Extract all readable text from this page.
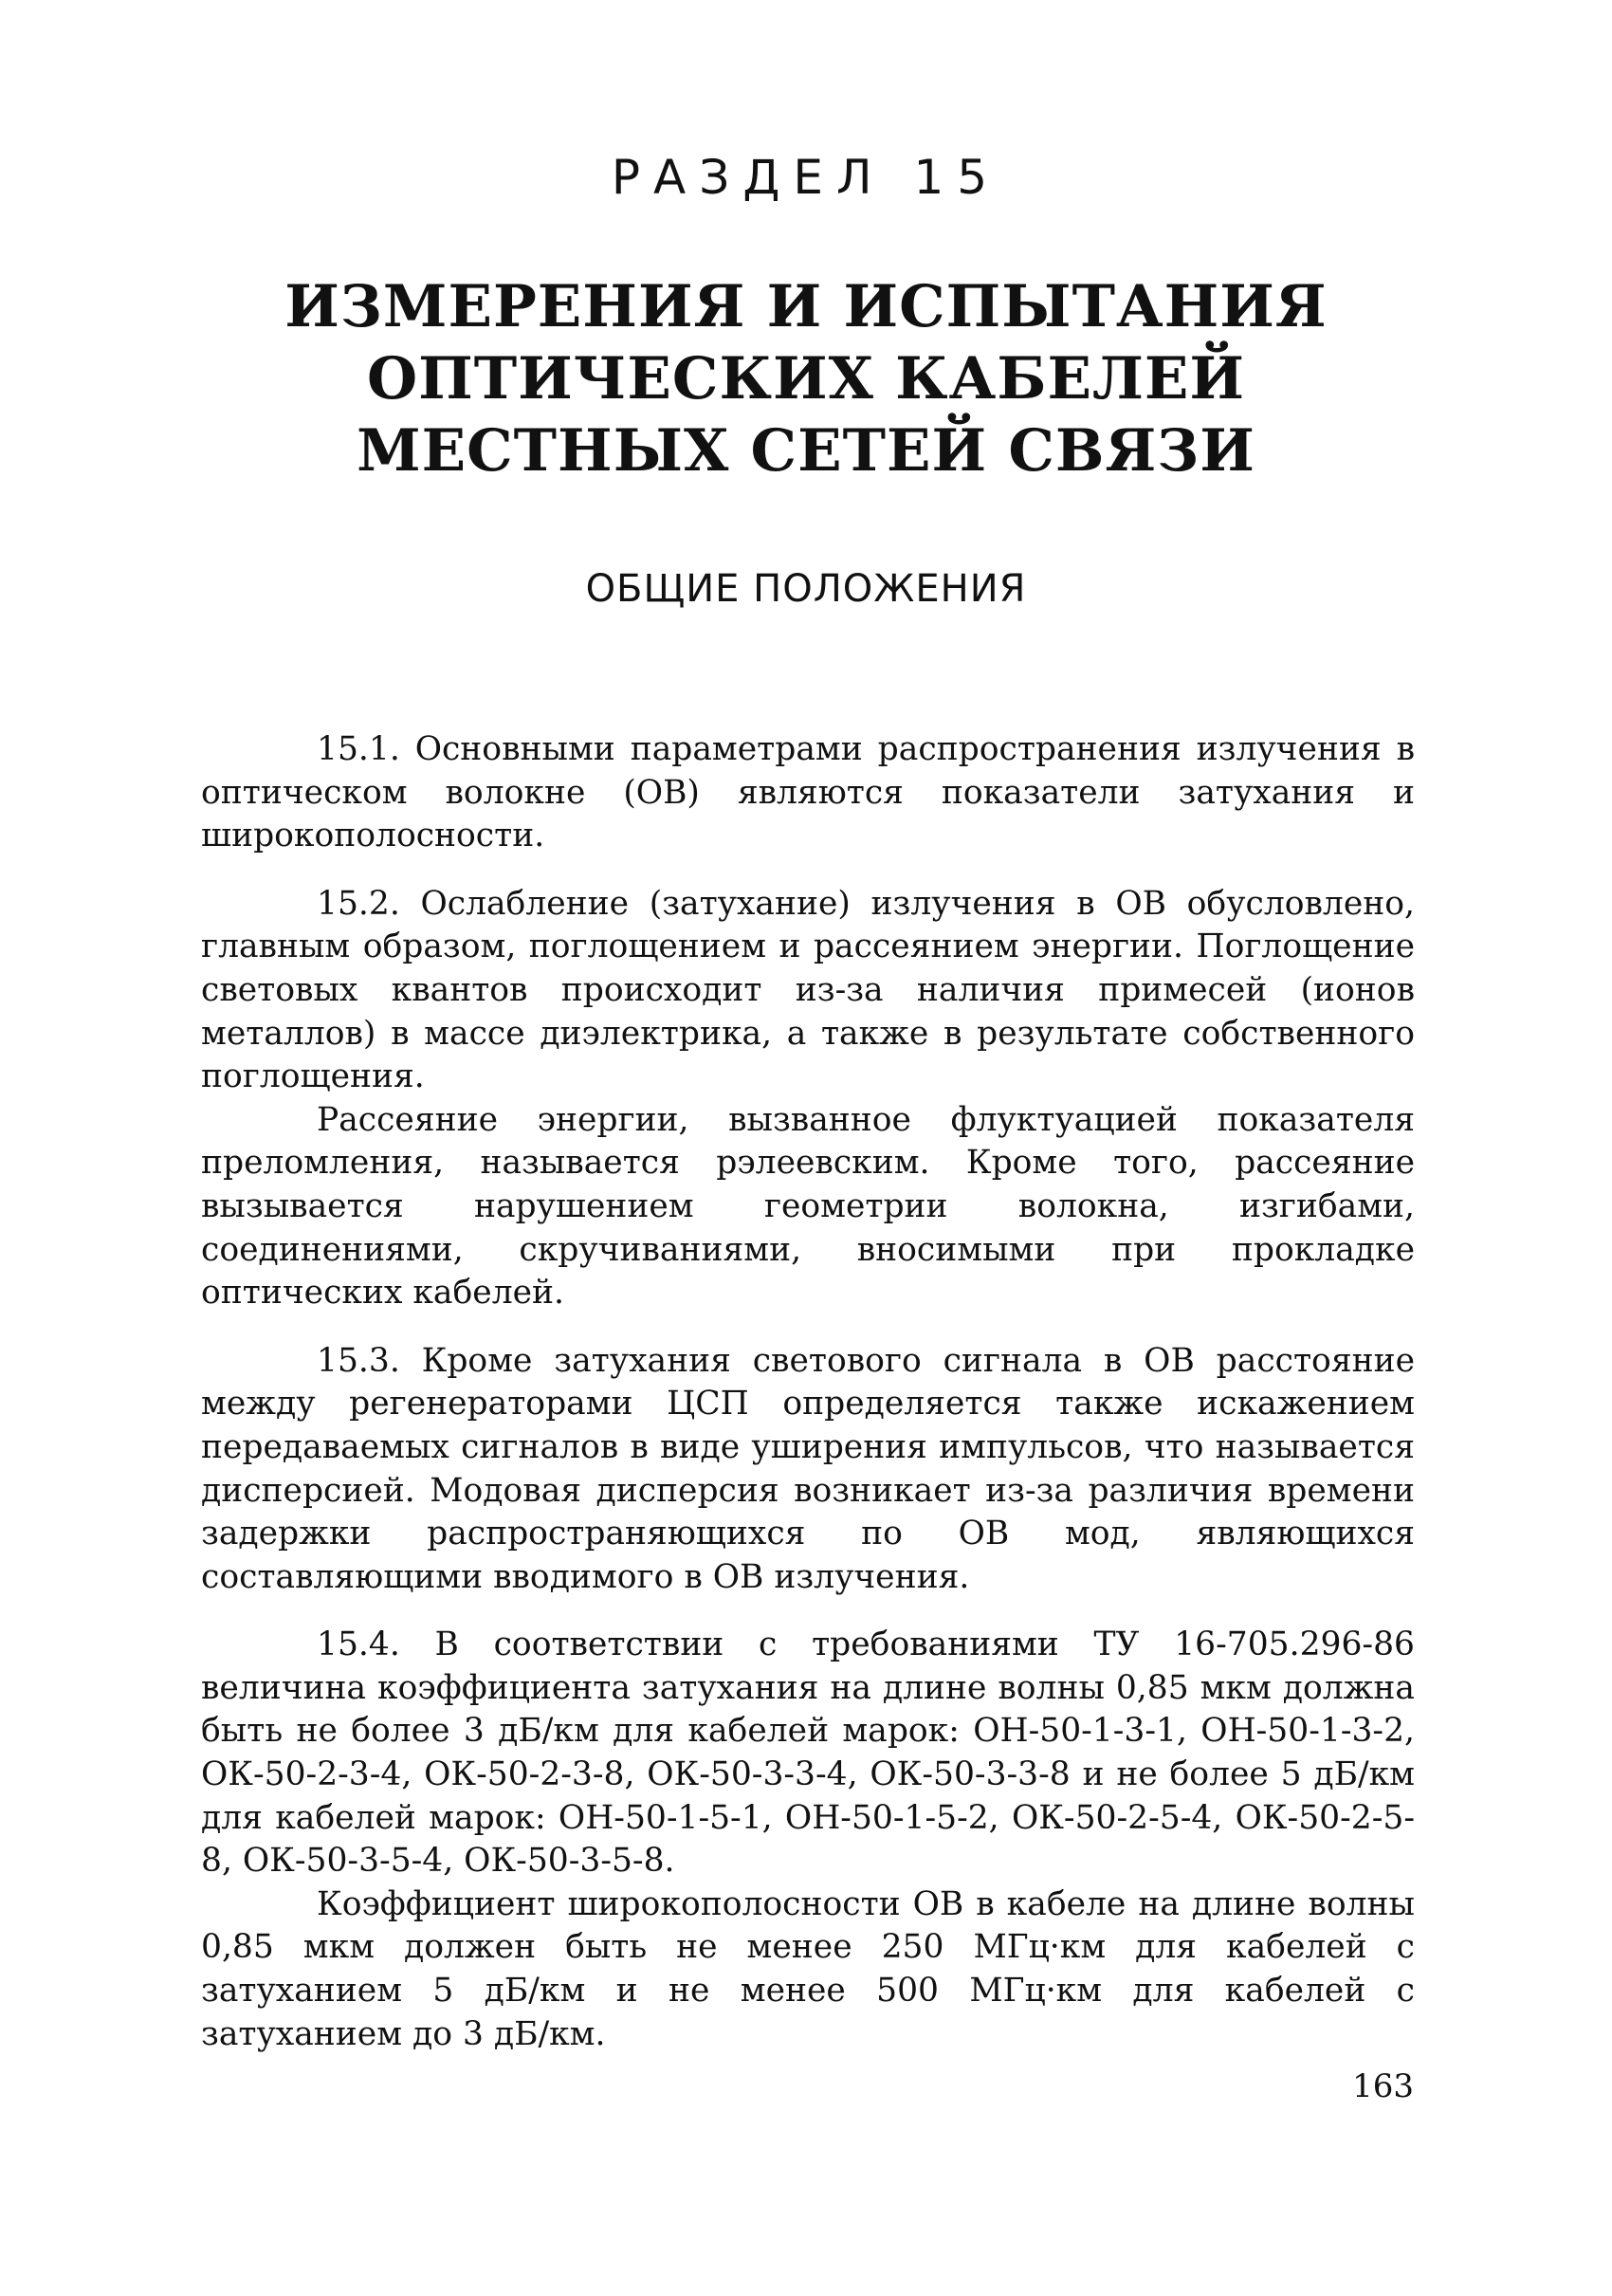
РАЗДЕЛ 15
ИЗМЕРЕНИЯ И ИСПЫТАНИЯ
ОПТИЧЕСКИХ КАБЕЛЕЙ
МЕСТНЫХ СЕТЕЙ СВЯЗИ
ОБЩИЕ ПОЛОЖЕНИЯ

15.1. Основными параметрами распространения излучения в оптическом волокне (ОВ) являются показатели затухания и широкополосности.

15.2. Ослабление (затухание) излучения в ОВ обусловлено, главным образом, поглощением и рассеянием энергии. Поглощение световых квантов происходит из-за наличия примесей (ионов металлов) в массе диэлектрика, а также в результате собственного поглощения.

Рассеяние энергии, вызванное флуктуацией показателя преломления, называется рэлеевским. Кроме того, рассеяние вызывается нарушением геометрии волокна, изгибами, соединениями, скручиваниями, вносимыми при прокладке оптических кабелей.

15.3. Кроме затухания светового сигнала в ОВ расстояние между регенераторами ЦСП определяется также искажением передаваемых сигналов в виде уширения импульсов, что называется дисперсией. Модовая дисперсия возникает из-за различия времени задержки распространяющихся по ОВ мод, являющихся составляющими вводимого в ОВ излучения.

15.4. В соответствии с требованиями ТУ 16-705.296-86 величина коэффициента затухания на длине волны 0,85 мкм должна быть не более 3 дБ/км для кабелей марок: ОН-50-1-3-1, ОН-50-1-3-2, ОК-50-2-3-4, ОК-50-2-3-8, ОК-50-3-3-4, ОК-50-3-3-8 и не более 5 дБ/км для кабелей марок: ОН-50-1-5-1, ОН-50-1-5-2, ОК-50-2-5-4, ОК-50-2-5-8, ОК-50-3-5-4, ОК-50-3-5-8.

Коэффициент широкополосности ОВ в кабеле на длине волны 0,85 мкм должен быть не менее 250 МГц·км для кабелей с затуханием 5 дБ/км и не менее 500 МГц·км для кабелей с затуханием до 3 дБ/км.

163
